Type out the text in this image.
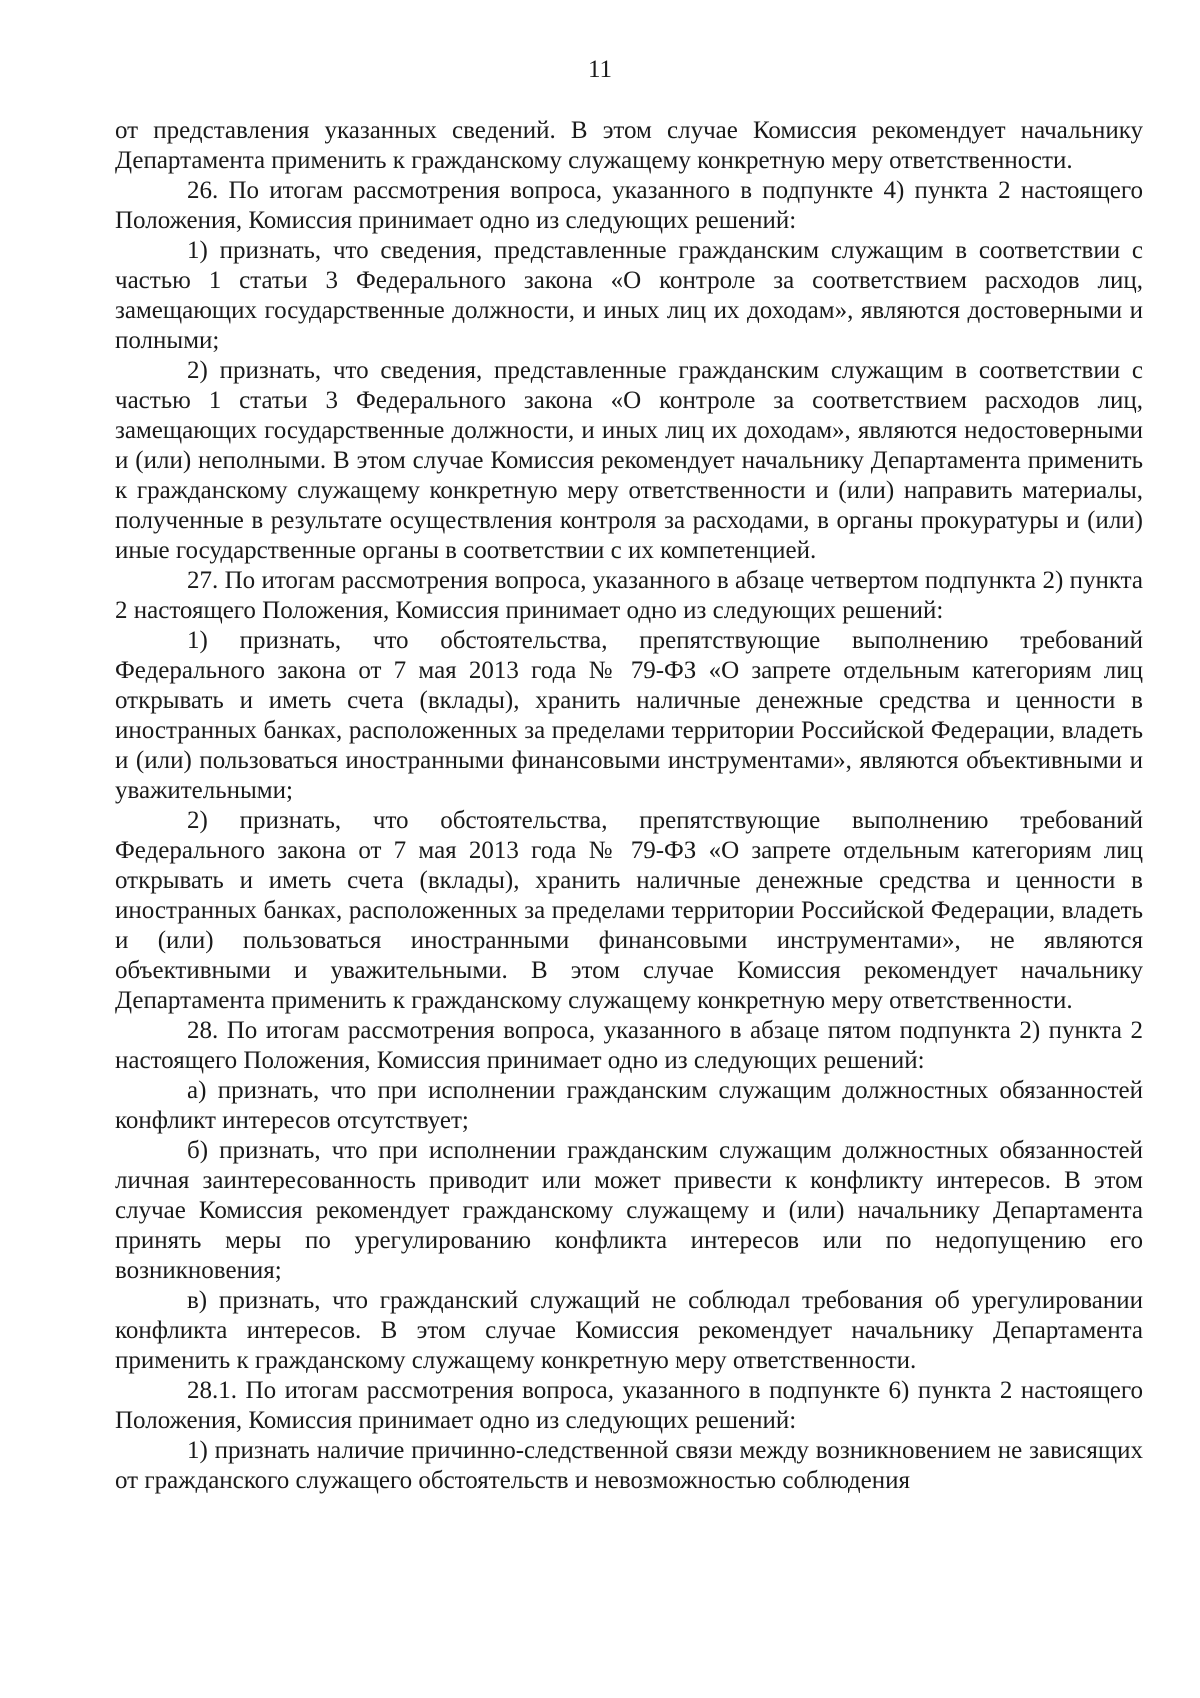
11

от представления указанных сведений. В этом случае Комиссия рекомендует начальнику Департамента применить к гражданскому служащему конкретную меру ответственности.

26. По итогам рассмотрения вопроса, указанного в подпункте 4) пункта 2 настоящего Положения, Комиссия принимает одно из следующих решений:

1) признать, что сведения, представленные гражданским служащим в соответствии с частью 1 статьи 3 Федерального закона «О контроле за соответствием расходов лиц, замещающих государственные должности, и иных лиц их доходам», являются достоверными и полными;

2) признать, что сведения, представленные гражданским служащим в соответствии с частью 1 статьи 3 Федерального закона «О контроле за соответствием расходов лиц, замещающих государственные должности, и иных лиц их доходам», являются недостоверными и (или) неполными. В этом случае Комиссия рекомендует начальнику Департамента применить к гражданскому служащему конкретную меру ответственности и (или) направить материалы, полученные в результате осуществления контроля за расходами, в органы прокуратуры и (или) иные государственные органы в соответствии с их компетенцией.

27. По итогам рассмотрения вопроса, указанного в абзаце четвертом подпункта 2) пункта 2 настоящего Положения, Комиссия принимает одно из следующих решений:

1) признать, что обстоятельства, препятствующие выполнению требований Федерального закона от 7 мая 2013 года № 79-ФЗ «О запрете отдельным категориям лиц открывать и иметь счета (вклады), хранить наличные денежные средства и ценности в иностранных банках, расположенных за пределами территории Российской Федерации, владеть и (или) пользоваться иностранными финансовыми инструментами», являются объективными и уважительными;

2) признать, что обстоятельства, препятствующие выполнению требований Федерального закона от 7 мая 2013 года № 79-ФЗ «О запрете отдельным категориям лиц открывать и иметь счета (вклады), хранить наличные денежные средства и ценности в иностранных банках, расположенных за пределами территории Российской Федерации, владеть и (или) пользоваться иностранными финансовыми инструментами», не являются объективными и уважительными. В этом случае Комиссия рекомендует начальнику Департамента применить к гражданскому служащему конкретную меру ответственности.

28. По итогам рассмотрения вопроса, указанного в абзаце пятом подпункта 2) пункта 2 настоящего Положения, Комиссия принимает одно из следующих решений:

а) признать, что при исполнении гражданским служащим должностных обязанностей конфликт интересов отсутствует;

б) признать, что при исполнении гражданским служащим должностных обязанностей личная заинтересованность приводит или может привести к конфликту интересов. В этом случае Комиссия рекомендует гражданскому служащему и (или) начальнику Департамента принять меры по урегулированию конфликта интересов или по недопущению его возникновения;

в) признать, что гражданский служащий не соблюдал требования об урегулировании конфликта интересов. В этом случае Комиссия рекомендует начальнику Департамента применить к гражданскому служащему конкретную меру ответственности.

28.1. По итогам рассмотрения вопроса, указанного в подпункте 6) пункта 2 настоящего Положения, Комиссия принимает одно из следующих решений:

1) признать наличие причинно-следственной связи между возникновением не зависящих от гражданского служащего обстоятельств и невозможностью соблюдения
